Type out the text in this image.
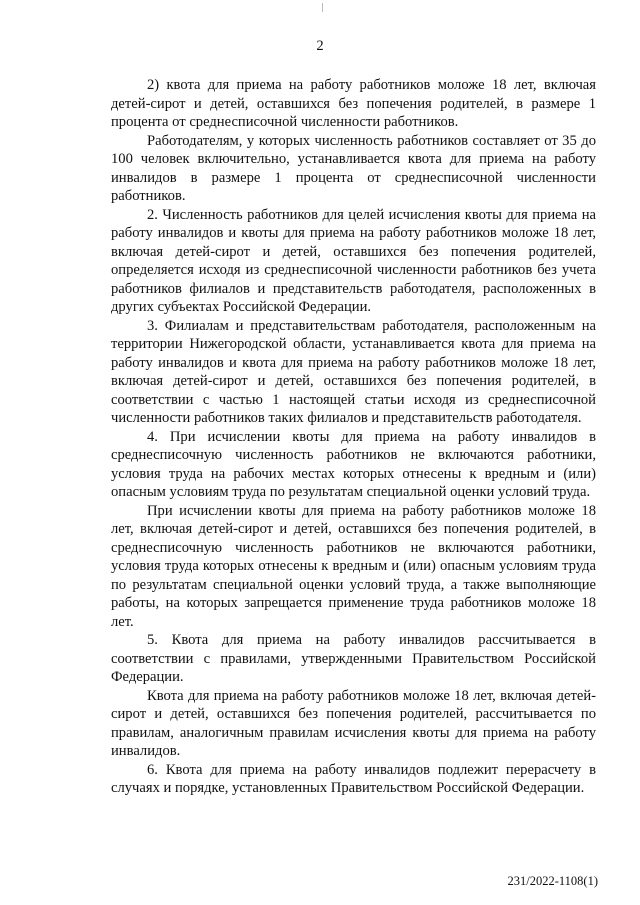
2

2) квота для приема на работу работников моложе 18 лет, включая детей-сирот и детей, оставшихся без попечения родителей, в размере 1 процента от среднесписочной численности работников.

Работодателям, у которых численность работников составляет от 35 до 100 человек включительно, устанавливается квота для приема на работу инвалидов в размере 1 процента от среднесписочной численности работников.

2. Численность работников для целей исчисления квоты для приема на работу инвалидов и квоты для приема на работу работников моложе 18 лет, включая детей-сирот и детей, оставшихся без попечения родителей, определяется исходя из среднесписочной численности работников без учета работников филиалов и представительств работодателя, расположенных в других субъектах Российской Федерации.

3. Филиалам и представительствам работодателя, расположенным на территории Нижегородской области, устанавливается квота для приема на работу инвалидов и квота для приема на работу работников моложе 18 лет, включая детей-сирот и детей, оставшихся без попечения родителей, в соответствии с частью 1 настоящей статьи исходя из среднесписочной численности работников таких филиалов и представительств работодателя.

4. При исчислении квоты для приема на работу инвалидов в среднесписочную численность работников не включаются работники, условия труда на рабочих местах которых отнесены к вредным и (или) опасным условиям труда по результатам специальной оценки условий труда.

При исчислении квоты для приема на работу работников моложе 18 лет, включая детей-сирот и детей, оставшихся без попечения родителей, в среднесписочную численность работников не включаются работники, условия труда которых отнесены к вредным и (или) опасным условиям труда по результатам специальной оценки условий труда, а также выполняющие работы, на которых запрещается применение труда работников моложе 18 лет.

5. Квота для приема на работу инвалидов рассчитывается в соответствии с правилами, утвержденными Правительством Российской Федерации.

Квота для приема на работу работников моложе 18 лет, включая детей-сирот и детей, оставшихся без попечения родителей, рассчитывается по правилам, аналогичным правилам исчисления квоты для приема на работу инвалидов.

6. Квота для приема на работу инвалидов подлежит перерасчету в случаях и порядке, установленных Правительством Российской Федерации.

231/2022-1108(1)
